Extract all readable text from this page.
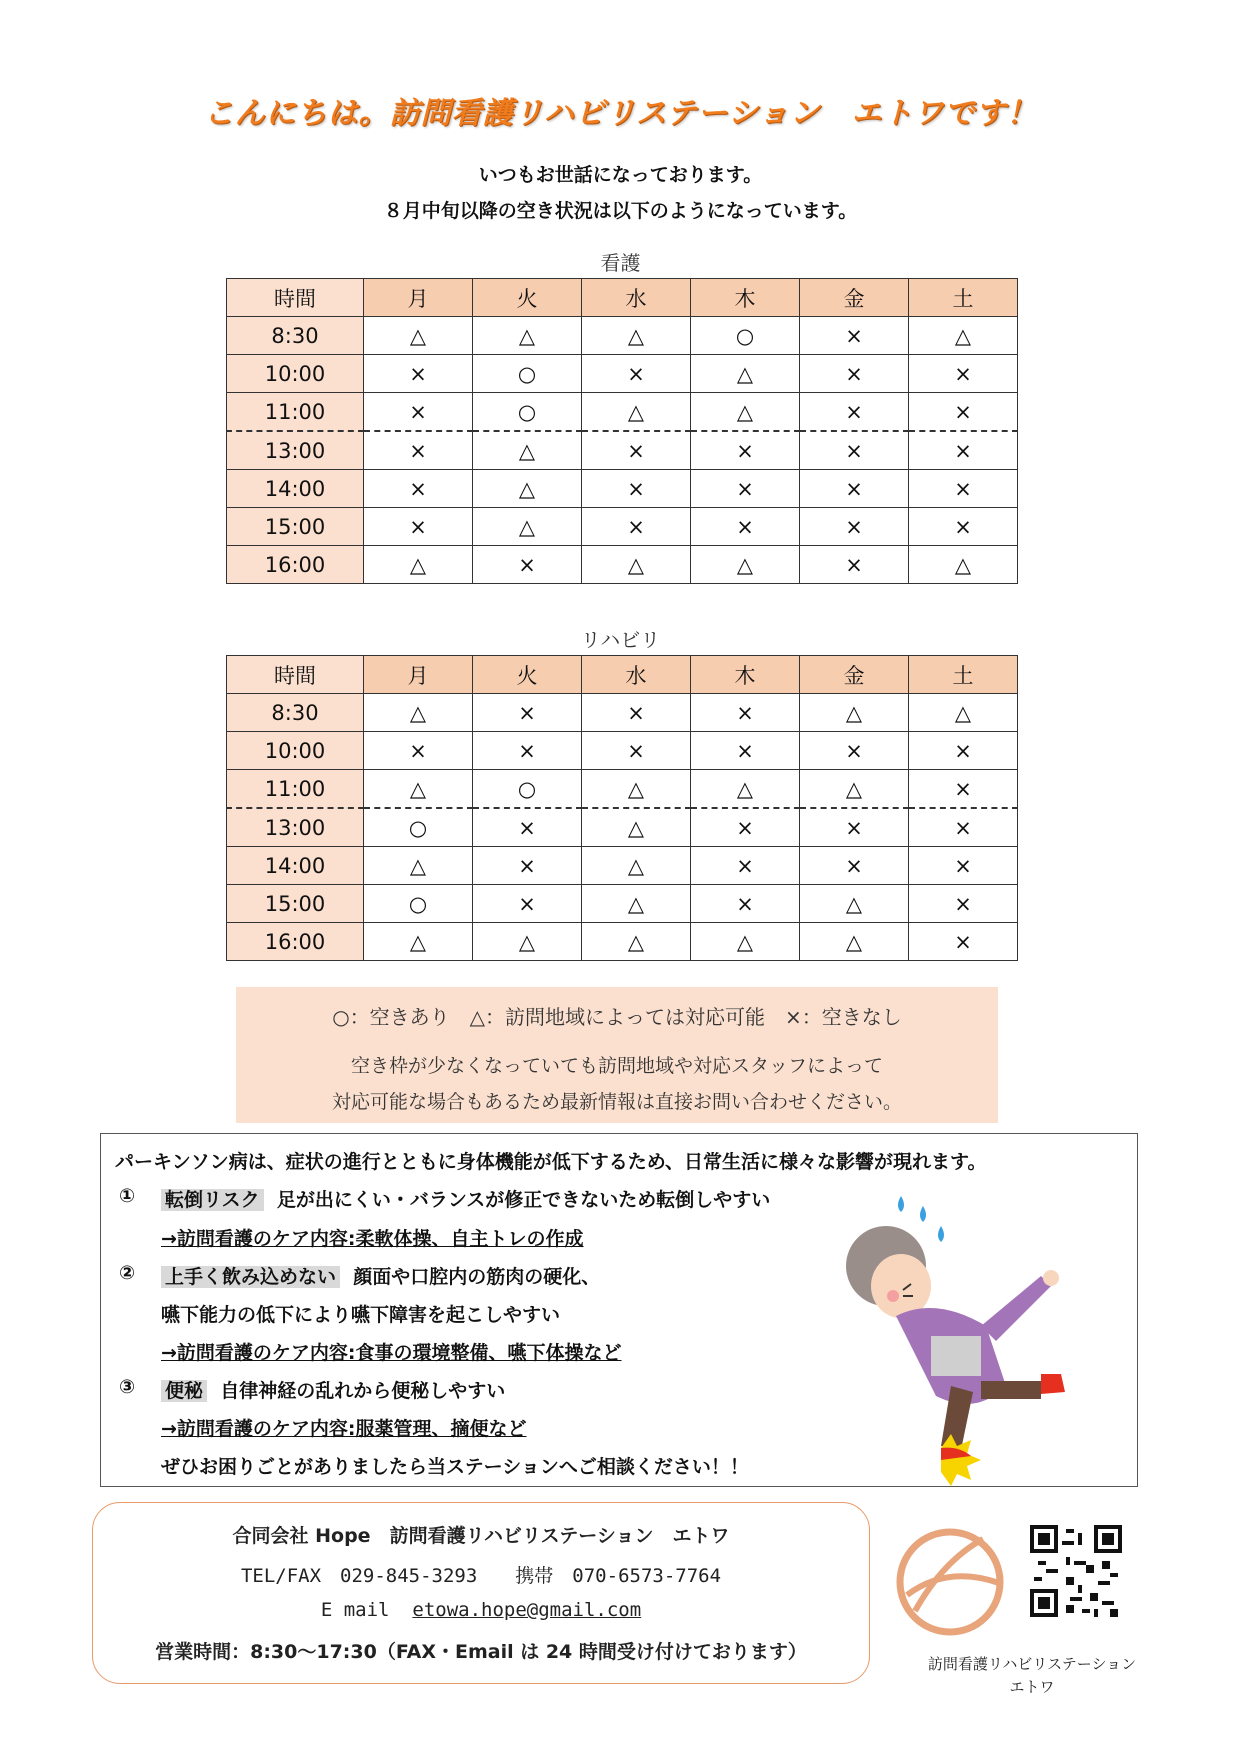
こんにちは。訪問看護リハビリステーション　エトワです！
いつもお世話になっております。
８月中旬以降の空き状況は以下のようになっています。
看護
時間	月	火	水	木	金	土
8:30	△	△	△	○	×	△
10:00	×	○	×	△	×	×
11:00	×	○	△	△	×	×
13:00	×	△	×	×	×	×
14:00	×	△	×	×	×	×
15:00	×	△	×	×	×	×
16:00	△	×	△	△	×	△
リハビリ
時間	月	火	水	木	金	土
8:30	△	×	×	×	△	△
10:00	×	×	×	×	×	×
11:00	△	○	△	△	△	×
13:00	○	×	△	×	×	×
14:00	△	×	△	×	×	×
15:00	○	×	△	×	△	×
16:00	△	△	△	△	△	×
○：空きあり　△：訪問地域によっては対応可能　×：空きなし
空き枠が少なくなっていても訪問地域や対応スタッフによって
対応可能な場合もあるため最新情報は直接お問い合わせください。
パーキンソン病は、症状の進行とともに身体機能が低下するため、日常生活に様々な影響が現れます。
① 転倒リスク 足が出にくい・バランスが修正できないため転倒しやすい
→訪問看護のケア内容:柔軟体操、自主トレの作成
② 上手く飲み込めない 顔面や口腔内の筋肉の硬化、
嚥下能力の低下により嚥下障害を起こしやすい
→訪問看護のケア内容:食事の環境整備、嚥下体操など
③ 便秘 自律神経の乱れから便秘しやすい
→訪問看護のケア内容:服薬管理、摘便など
ぜひお困りごとがありましたら当ステーションへご相談ください！！
合同会社 Hope　訪問看護リハビリステーション　エトワ
TEL/FAX　029-845-3293　　携帯　070-6573-7764
E mail etowa.hope@gmail.com
営業時間：8:30～17:30（FAX・Email は 24 時間受け付けております）
訪問看護リハビリステーション
エトワ
